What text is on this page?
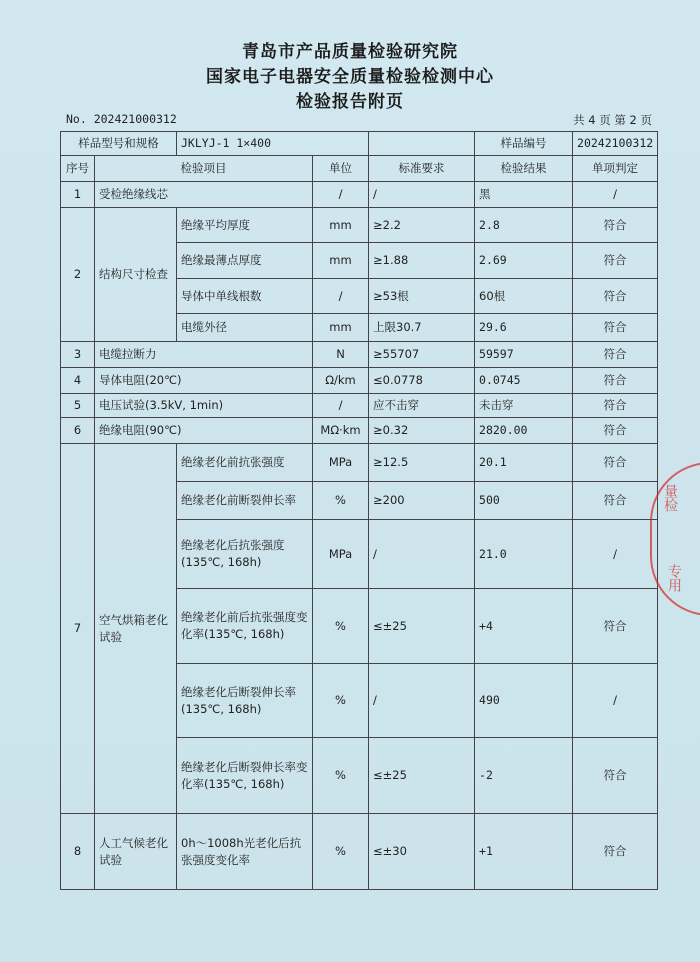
青岛市产品质量检验研究院
国家电子电器安全质量检验检测中心
检验报告附页
No. 202421000312	共 4 页 第 2 页
样品型号和规格		JKLYJ-1 1×400			样品编号	20242100312
序号	检验项目		单位	标准要求	检验结果	单项判定
1	受检绝缘线芯		/	/	黑	/
2	结构尺寸检查	绝缘平均厚度	mm	≥2.2	2.8	符合
		绝缘最薄点厚度	mm	≥1.88	2.69	符合
		导体中单线根数	/	≥53根	60根	符合
		电缆外径	mm	上限30.7	29.6	符合
3	电缆拉断力		N	≥55707	59597	符合
4	导体电阻(20℃)		Ω/km	≤0.0778	0.0745	符合
5	电压试验(3.5kV, 1min)		/	应不击穿	未击穿	符合
6	绝缘电阻(90℃)		MΩ·km	≥0.32	2820.00	符合
7	空气烘箱老化试验	绝缘老化前抗张强度	MPa	≥12.5	20.1	符合
		绝缘老化前断裂伸长率	%	≥200	500	符合
		绝缘老化后抗张强度(135℃, 168h)	MPa	/	21.0	/
		绝缘老化前后抗张强度变化率(135℃, 168h)	%	≤±25	+4	符合
		绝缘老化后断裂伸长率(135℃, 168h)	%	/	490	/
		绝缘老化后断裂伸长率变化率(135℃, 168h)	%	≤±25	-2	符合
8	人工气候老化试验	0h～1008h光老化后抗张强度变化率	%	≤±30	+1	符合
量检
专用
